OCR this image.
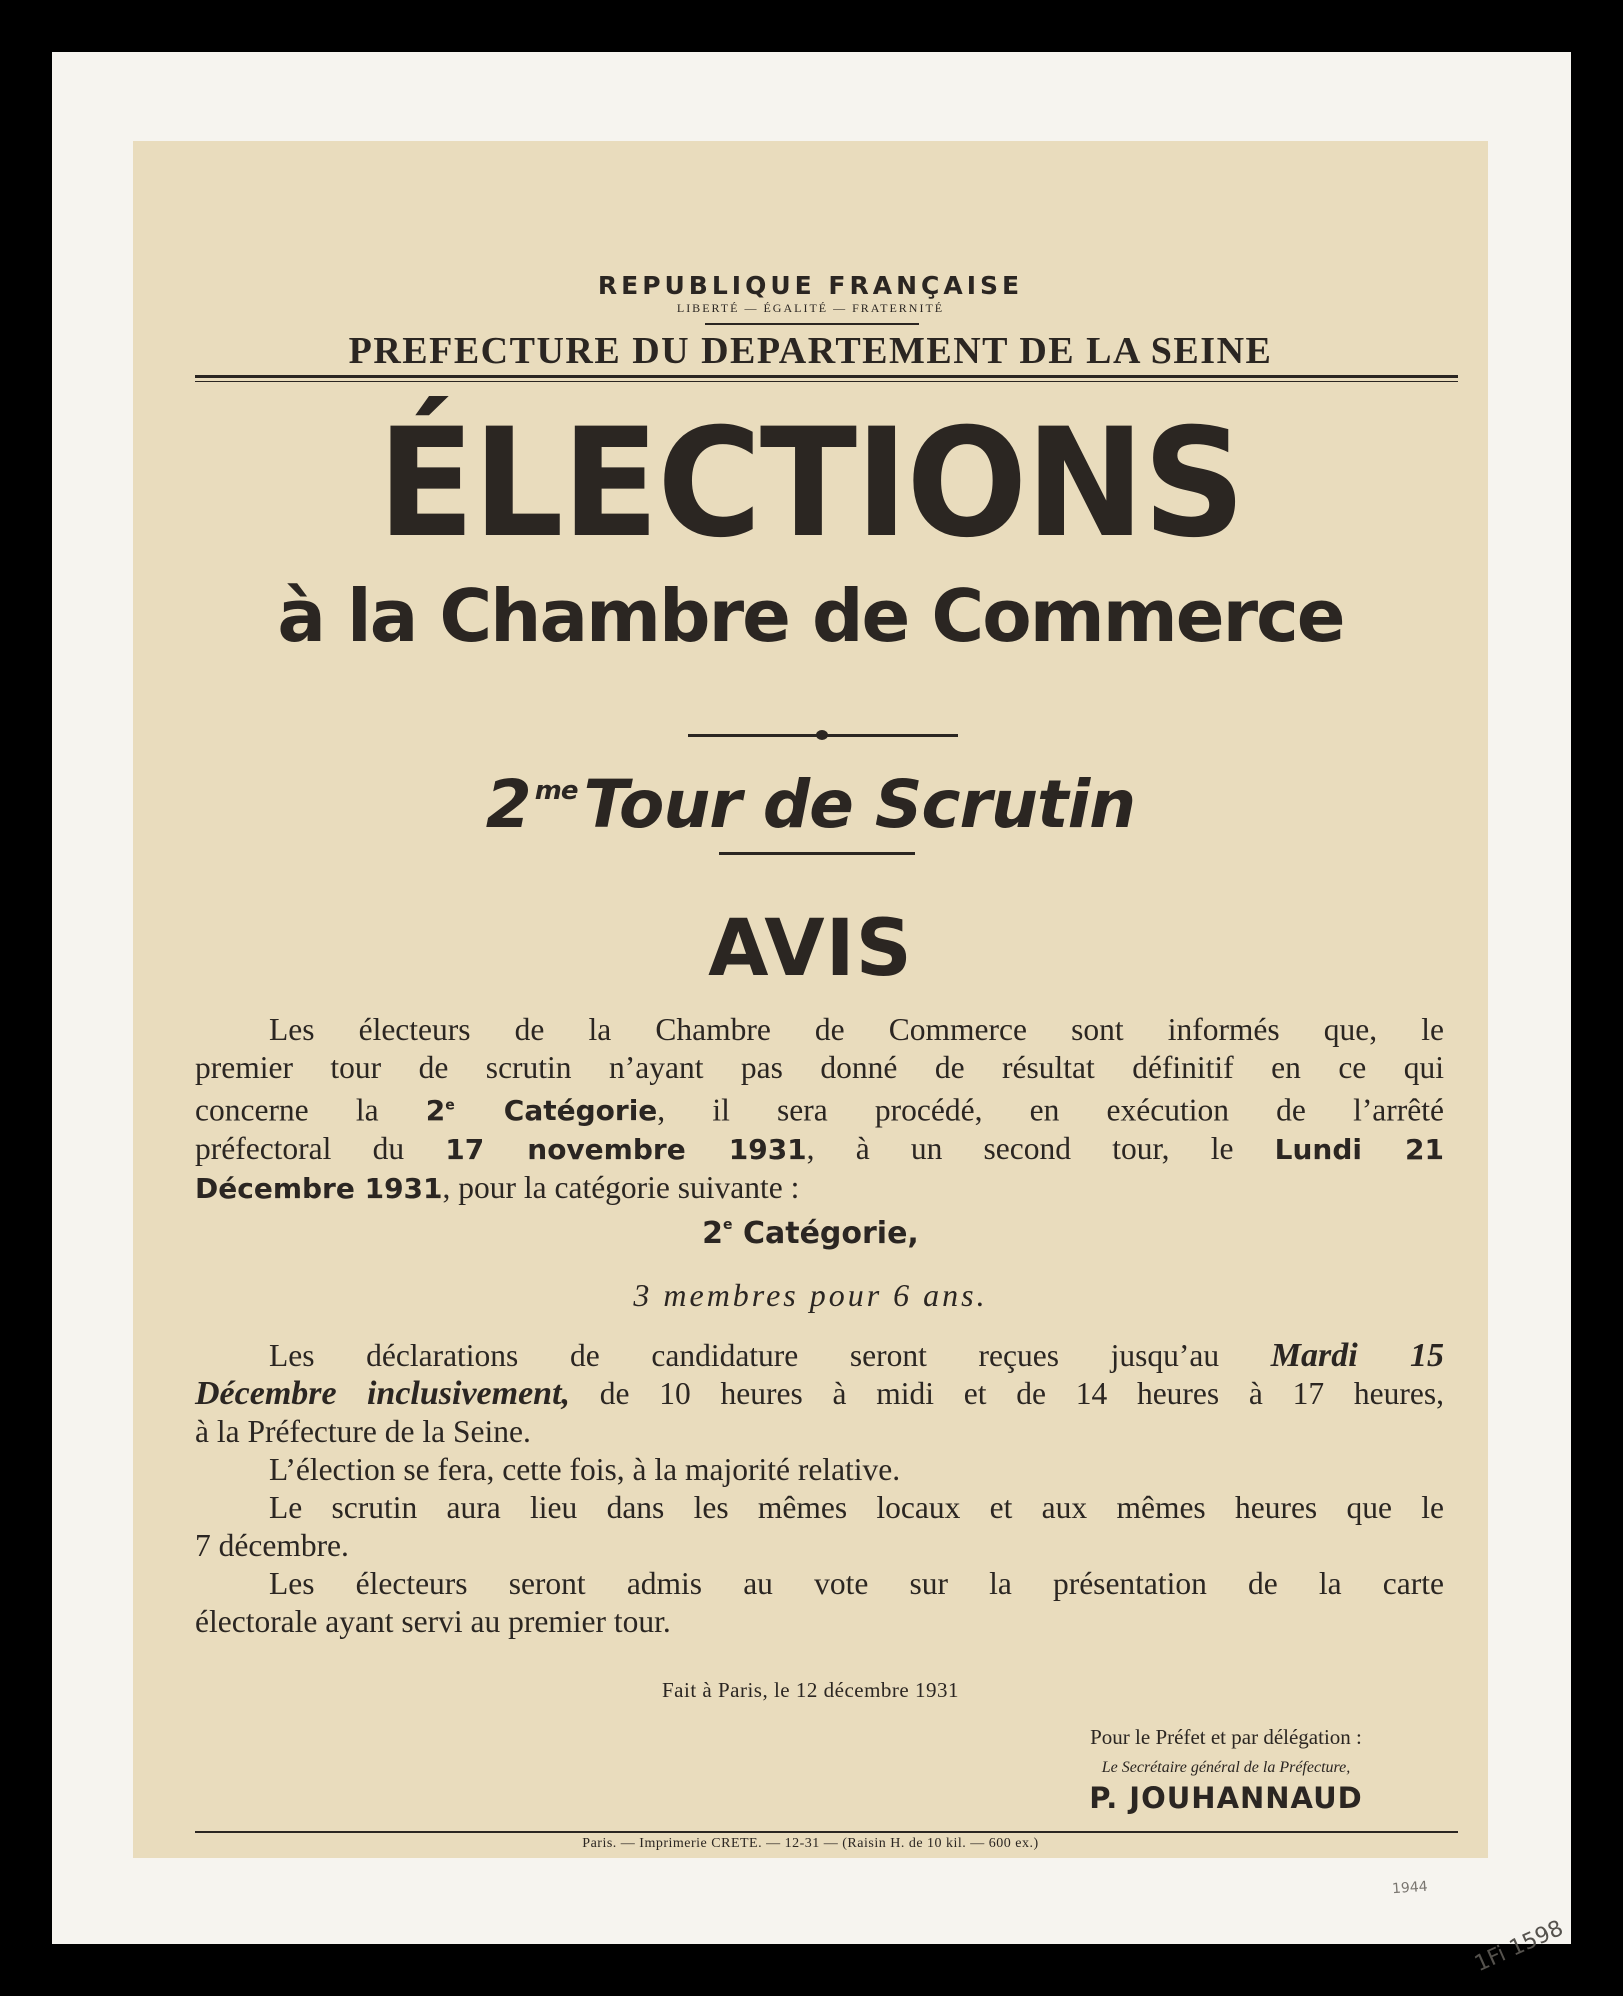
REPUBLIQUE FRANÇAISE
LIBERTÉ — ÉGALITÉ — FRATERNITÉ
PREFECTURE DU DEPARTEMENT DE LA SEINE
ÉLECTIONS
à la Chambre de Commerce
2 $^{me}$Tour de Scrutin
AVIS
Les électeurs de la Chambre de Commerce sont informés que, le
premier tour de scrutin n’ayant pas donné de résultat définitif en ce qui
concerne la 2e Catégorie, il sera procédé, en exécution de l’arrêté
préfectoral du 17 novembre 1931, à un second tour, le Lundi 21
Décembre 1931, pour la catégorie suivante :
2e Catégorie,
3 membres pour 6 ans.
Les déclarations de candidature seront reçues jusqu’au Mardi 15
Décembre inclusivement, de 10 heures à midi et de 14 heures à 17 heures,
à la Préfecture de la Seine.
L’élection se fera, cette fois, à la majorité relative.
Le scrutin aura lieu dans les mêmes locaux et aux mêmes heures que le
7 décembre.
Les électeurs seront admis au vote sur la présentation de la carte
électorale ayant servi au premier tour.
Fait à Paris, le 12 décembre 1931
Pour le Préfet et par délégation :
Le Secrétaire général de la Préfecture,
P. JOUHANNAUD
Paris. — Imprimerie CRETE. — 12-31 — (Raisin H. de 10 kil. — 600 ex.)
1944
1Fi 1598
